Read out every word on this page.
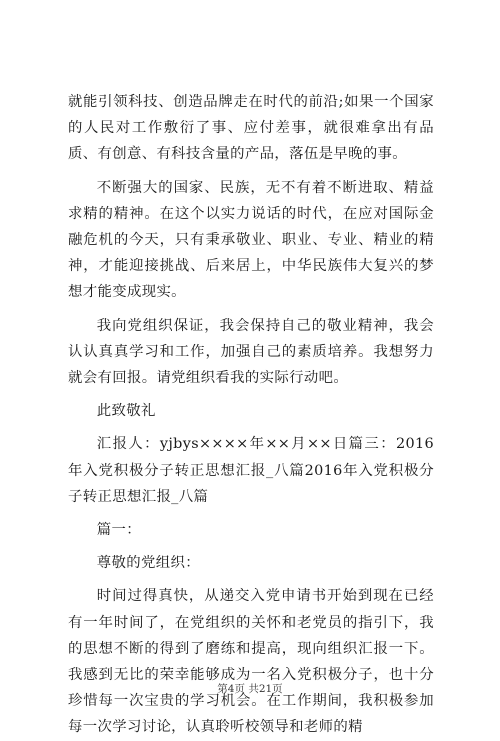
就能引领科技、创造品牌走在时代的前沿;如果一个国家的人民对工作敷衍了事、应付差事，就很难拿出有品质、有创意、有科技含量的产品，落伍是早晚的事。

不断强大的国家、民族，无不有着不断进取、精益求精的精神。在这个以实力说话的时代，在应对国际金融危机的今天，只有秉承敬业、职业、专业、精业的精神，才能迎接挑战、后来居上，中华民族伟大复兴的梦想才能变成现实。

我向党组织保证，我会保持自己的敬业精神，我会认认真真学习和工作，加强自己的素质培养。我想努力就会有回报。请党组织看我的实际行动吧。

此致敬礼

汇报人：yjbys××××年××月××日篇三：2016年入党积极分子转正思想汇报_八篇2016年入党积极分子转正思想汇报_八篇

篇一：

尊敬的党组织：

时间过得真快，从递交入党申请书开始到现在已经有一年时间了，在党组织的关怀和老党员的指引下，我的思想不断的得到了磨练和提高，现向组织汇报一下。我感到无比的荣幸能够成为一名入党积极分子，也十分珍惜每一次宝贵的学习机会。在工作期间，我积极参加每一次学习讨论，认真聆听校领导和老师的精

第4页 共21页
